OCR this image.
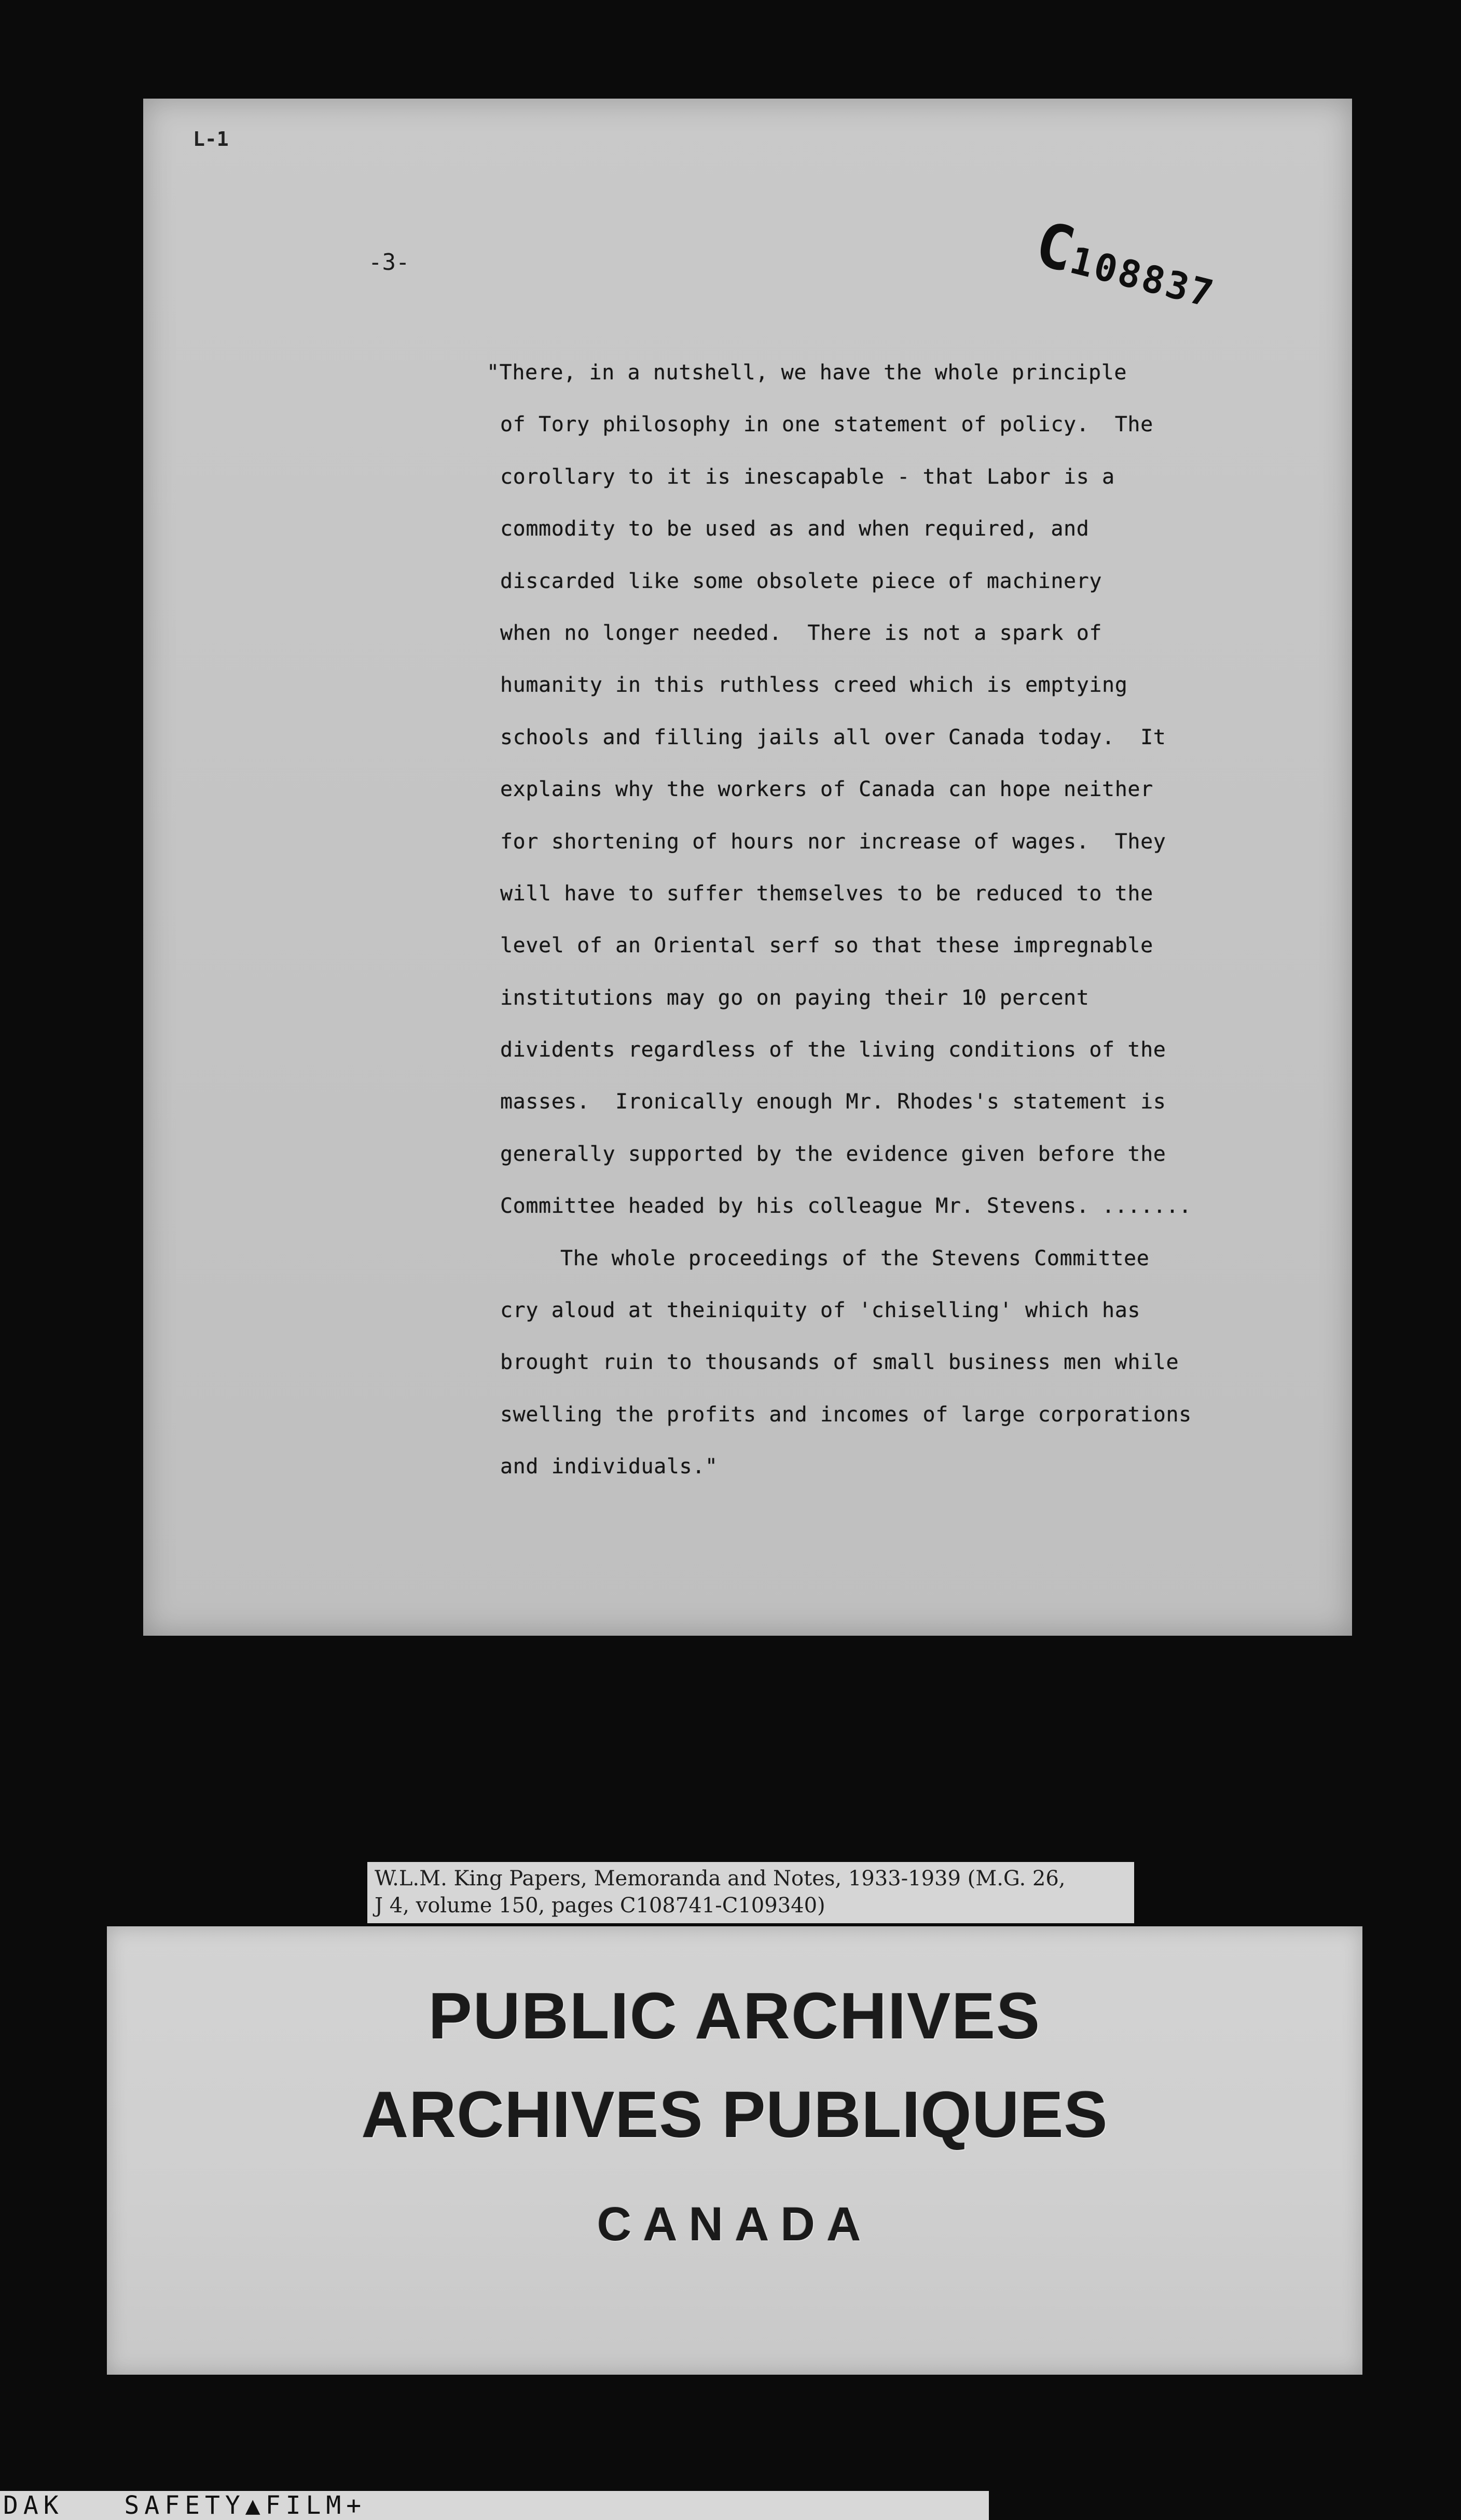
L-1
-3-	C108837
"There, in a nutshell, we have the whole principle
of Tory philosophy in one statement of policy.  The
corollary to it is inescapable - that Labor is a
commodity to be used as and when required, and
discarded like some obsolete piece of machinery
when no longer needed.  There is not a spark of
humanity in this ruthless creed which is emptying
schools and filling jails all over Canada today.  It
explains why the workers of Canada can hope neither
for shortening of hours nor increase of wages.  They
will have to suffer themselves to be reduced to the
level of an Oriental serf so that these impregnable
institutions may go on paying their 10 percent
dividents regardless of the living conditions of the
masses.  Ironically enough Mr. Rhodes's statement is
generally supported by the evidence given before the
Committee headed by his colleague Mr. Stevens. .......
The whole proceedings of the Stevens Committee
cry aloud at theiniquity of 'chiselling' which has
brought ruin to thousands of small business men while
swelling the profits and incomes of large corporations
and individuals."
W.L.M. King Papers, Memoranda and Notes, 1933-1939 (M.G. 26,
J 4, volume 150, pages C108741-C109340)
PUBLIC ARCHIVES
ARCHIVES PUBLIQUES
CANADA
DAK   SAFETY▲FILM+
